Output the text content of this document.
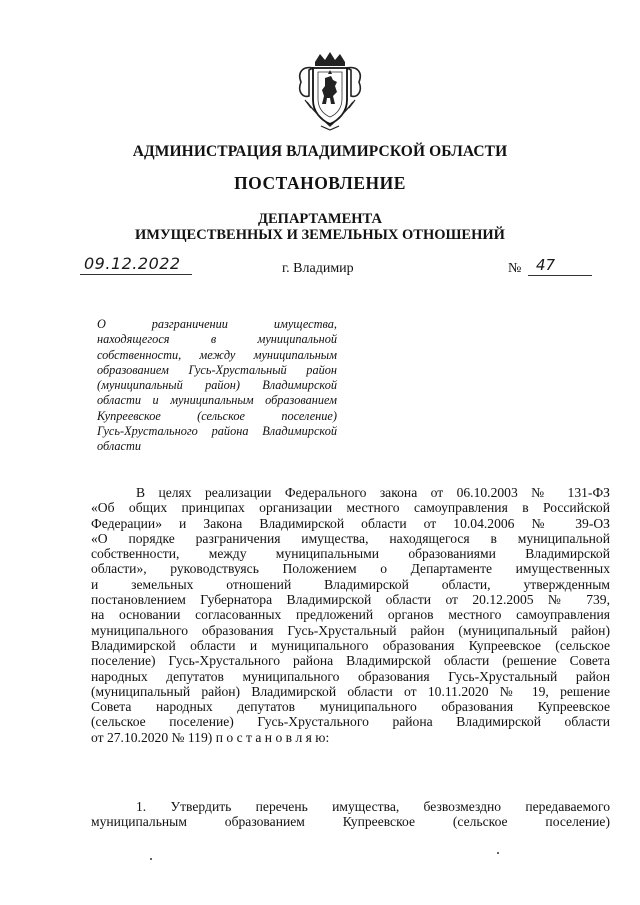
АДМИНИСТРАЦИЯ ВЛАДИМИРСКОЙ ОБЛАСТИ
ПОСТАНОВЛЕНИЕ
ДЕПАРТАМЕНТА
ИМУЩЕСТВЕННЫХ И ЗЕМЕЛЬНЫХ ОТНОШЕНИЙ
09.12.2022	г. Владимир	№ 47
О разграничении имущества,
находящегося в муниципальной
собственности, между муниципальным
образованием Гусь-Хрустальный район
(муниципальный район) Владимирской
области и муниципальным образованием
Купреевское (сельское поселение)
Гусь-Хрустального района Владимирской
области
В целях реализации Федерального закона от 06.10.2003 № 131-ФЗ
«Об общих принципах организации местного самоуправления в Российской
Федерации» и Закона Владимирской области от 10.04.2006 № 39-ОЗ
«О порядке разграничения имущества, находящегося в муниципальной
собственности, между муниципальными образованиями Владимирской
области», руководствуясь Положением о Департаменте имущественных
и земельных отношений Владимирской области, утвержденным
постановлением Губернатора Владимирской области от 20.12.2005 № 739,
на основании согласованных предложений органов местного самоуправления
муниципального образования Гусь-Хрустальный район (муниципальный район)
Владимирской области и муниципального образования Купреевское (сельское
поселение) Гусь-Хрустального района Владимирской области (решение Совета
народных депутатов муниципального образования Гусь-Хрустальный район
(муниципальный район) Владимирской области от 10.11.2020 № 19, решение
Совета народных депутатов муниципального образования Купреевское
(сельское поселение) Гусь-Хрустального района Владимирской области
от 27.10.2020 № 119) п о с т а н о в л я ю:
1. Утвердить перечень имущества, безвозмездно передаваемого
муниципальным образованием Купреевское (сельское поселение)
